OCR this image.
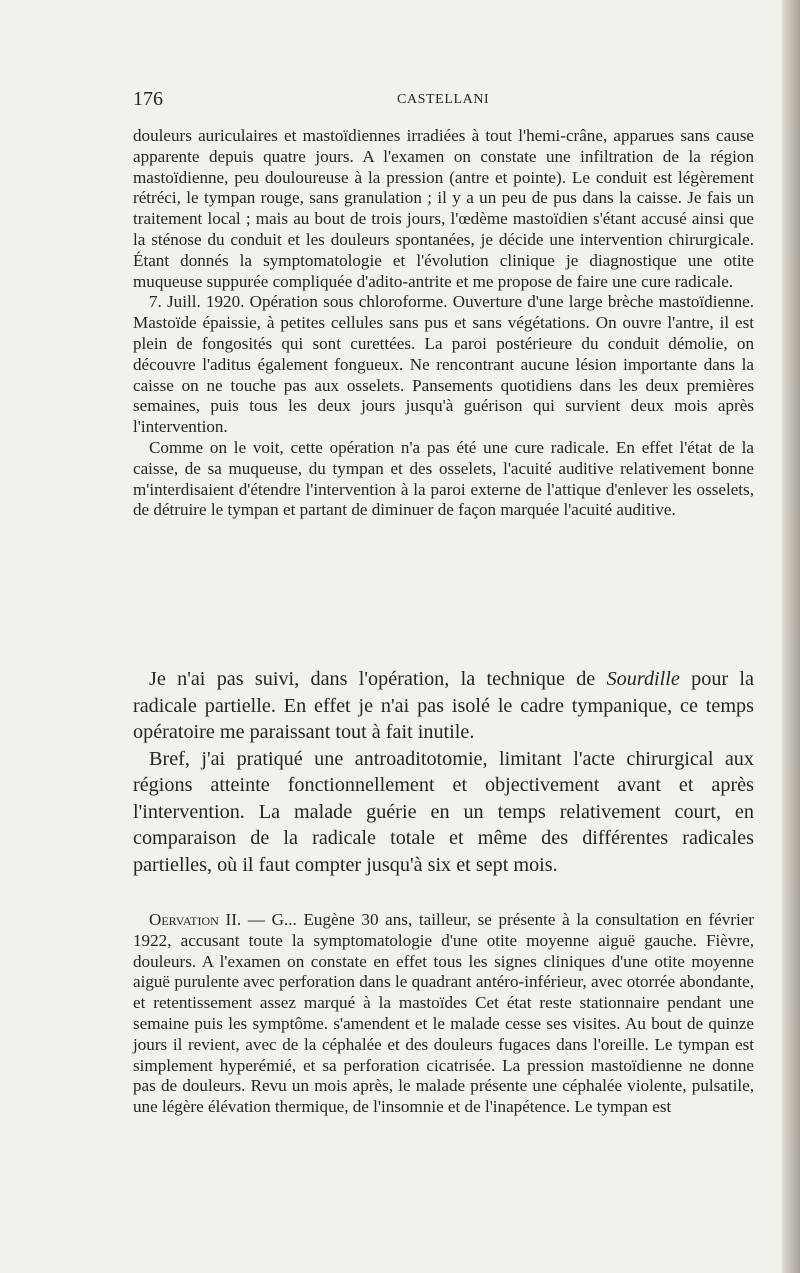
176	CASTELLANI

douleurs auriculaires et mastoïdiennes irradiées à tout l'hemi-crâne, apparues sans cause apparente depuis quatre jours. A l'examen on constate une infiltration de la région mastoïdienne, peu douloureuse à la pression (antre et pointe). Le conduit est légèrement rétréci, le tympan rouge, sans granulation ; il y a un peu de pus dans la caisse. Je fais un traitement local ; mais au bout de trois jours, l'œdème mastoïdien s'étant accusé ainsi que la sténose du conduit et les douleurs spontanées, je décide une intervention chirurgicale. Étant donnés la symptomatologie et l'évolution clinique je diagnostique une otite muqueuse suppurée compliquée d'adito-antrite et me propose de faire une cure radicale.

7. Juill. 1920. Opération sous chloroforme. Ouverture d'une large brèche mastoïdienne. Mastoïde épaissie, à petites cellules sans pus et sans végétations. On ouvre l'antre, il est plein de fongosités qui sont curettées. La paroi postérieure du conduit démolie, on découvre l'aditus également fongueux. Ne rencontrant aucune lésion importante dans la caisse on ne touche pas aux osselets. Pansements quotidiens dans les deux premières semaines, puis tous les deux jours jusqu'à guérison qui survient deux mois après l'intervention.

Comme on le voit, cette opération n'a pas été une cure radicale. En effet l'état de la caisse, de sa muqueuse, du tympan et des osselets, l'acuité auditive relativement bonne m'interdisaient d'étendre l'intervention à la paroi externe de l'attique d'enlever les osselets, de détruire le tympan et partant de diminuer de façon marquée l'acuité auditive.

Je n'ai pas suivi, dans l'opération, la technique de Sourdille pour la radicale partielle. En effet je n'ai pas isolé le cadre tympanique, ce temps opératoire me paraissant tout à fait inutile.

Bref, j'ai pratiqué une antroaditotomie, limitant l'acte chirurgical aux régions atteinte fonctionnellement et objectivement avant et après l'intervention. La malade guérie en un temps relativement court, en comparaison de la radicale totale et même des différentes radicales partielles, où il faut compter jusqu'à six et sept mois.

Oervation II. — G... Eugène 30 ans, tailleur, se présente à la consultation en février 1922, accusant toute la symptomatologie d'une otite moyenne aiguë gauche. Fièvre, douleurs. A l'examen on constate en effet tous les signes cliniques d'une otite moyenne aiguë purulente avec perforation dans le quadrant antéro-inférieur, avec otorrée abondante, et retentissement assez marqué à la mastoïdes Cet état reste stationnaire pendant une semaine puis les symptôme. s'amendent et le malade cesse ses visites. Au bout de quinze jours il revient, avec de la céphalée et des douleurs fugaces dans l'oreille. Le tympan est simplement hyperémié, et sa perforation cicatrisée. La pression mastoïdienne ne donne pas de douleurs. Revu un mois après, le malade présente une céphalée violente, pulsatile, une légère élévation thermique, de l'insomnie et de l'inapétence. Le tympan est
